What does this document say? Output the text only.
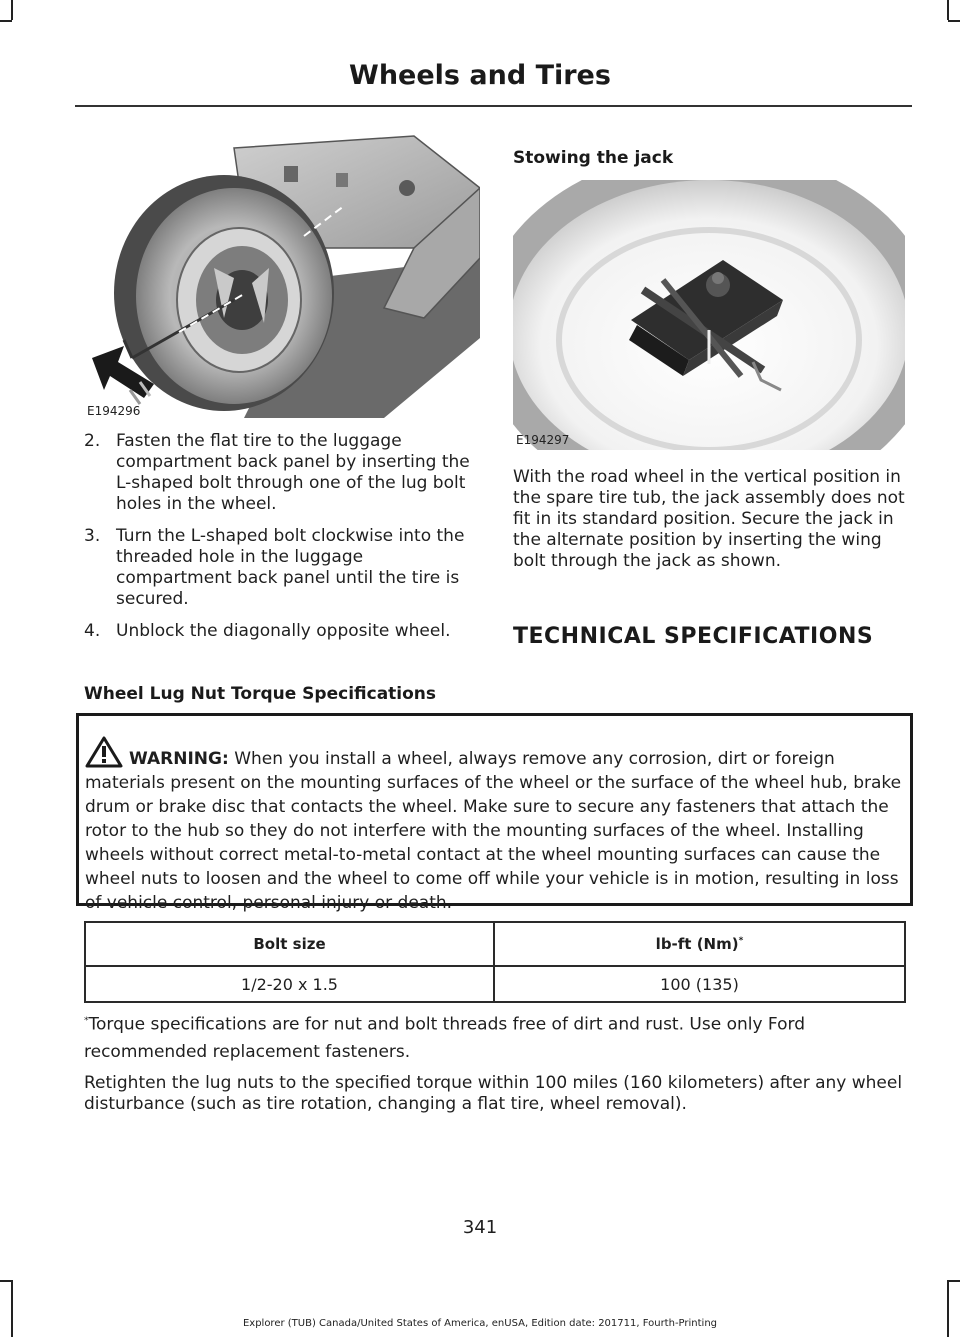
Wheels and Tires
E194296
Stowing the jack
E194297
2. Fasten the flat tire to the luggage compartment back panel by inserting the L-shaped bolt through one of the lug bolt holes in the wheel.
3. Turn the L-shaped bolt clockwise into the threaded hole in the luggage compartment back panel until the tire is secured.
4. Unblock the diagonally opposite wheel.
With the road wheel in the vertical position in the spare tire tub, the jack assembly does not fit in its standard position. Secure the jack in the alternate position by inserting the wing bolt through the jack as shown.
TECHNICAL SPECIFICATIONS
Wheel Lug Nut Torque Specifications

WARNING: When you install a wheel, always remove any corrosion, dirt or foreign materials present on the mounting surfaces of the wheel or the surface of the wheel hub, brake drum or brake disc that contacts the wheel. Make sure to secure any fasteners that attach the rotor to the hub so they do not interfere with the mounting surfaces of the wheel. Installing wheels without correct metal-to-metal contact at the wheel mounting surfaces can cause the wheel nuts to loosen and the wheel to come off while your vehicle is in motion, resulting in loss of vehicle control, personal injury or death.

Bolt size	lb-ft (Nm)*
1/2-20 x 1.5	100 (135)

*Torque specifications are for nut and bolt threads free of dirt and rust. Use only Ford recommended replacement fasteners.

Retighten the lug nuts to the specified torque within 100 miles (160 kilometers) after any wheel disturbance (such as tire rotation, changing a flat tire, wheel removal).

341
Explorer (TUB) Canada/United States of America, enUSA, Edition date: 201711, Fourth-Printing
